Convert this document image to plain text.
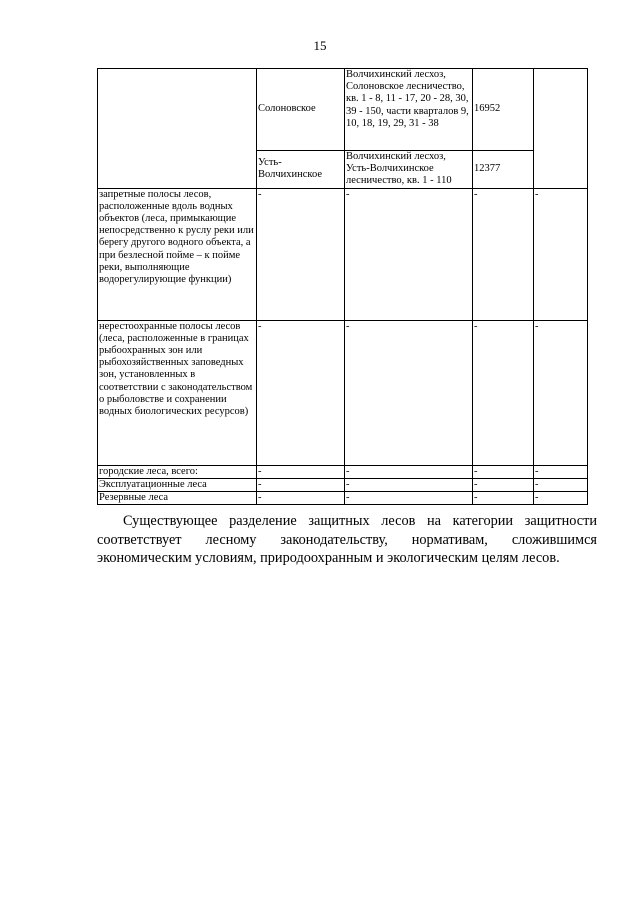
15
	Солоновское	Волчихинский лесхоз, Солоновское лесничество, кв. 1 - 8, 11 - 17, 20 - 28, 30, 39 - 150, части кварталов 9, 10, 18, 19, 29, 31 - 38	16952	
	Усть-Волчихинское	Волчихинский лесхоз, Усть-Волчихинское лесничество, кв. 1 - 110	12377	
запретные полосы лесов, расположенные вдоль водных объектов (леса, примыкающие непосредственно к руслу реки или берегу другого водного объекта, а при безлесной пойме – к пойме реки, выполняющие водорегулирующие функции)	-	-	-	-
нерестоохранные полосы лесов (леса, расположенные в границах рыбоохранных зон или рыбохозяйственных заповедных зон, установленных в соответствии с законодательством о рыболовстве и сохранении водных биологических ресурсов)	-	-	-	-
городские леса, всего:	-	-	-	-
Эксплуатационные леса	-	-	-	-
Резервные леса	-	-	-	-
Существующее разделение защитных лесов на категории защитности соответствует лесному законодательству, нормативам, сложившимся экономическим условиям, природоохранным и экологическим целям лесов.
